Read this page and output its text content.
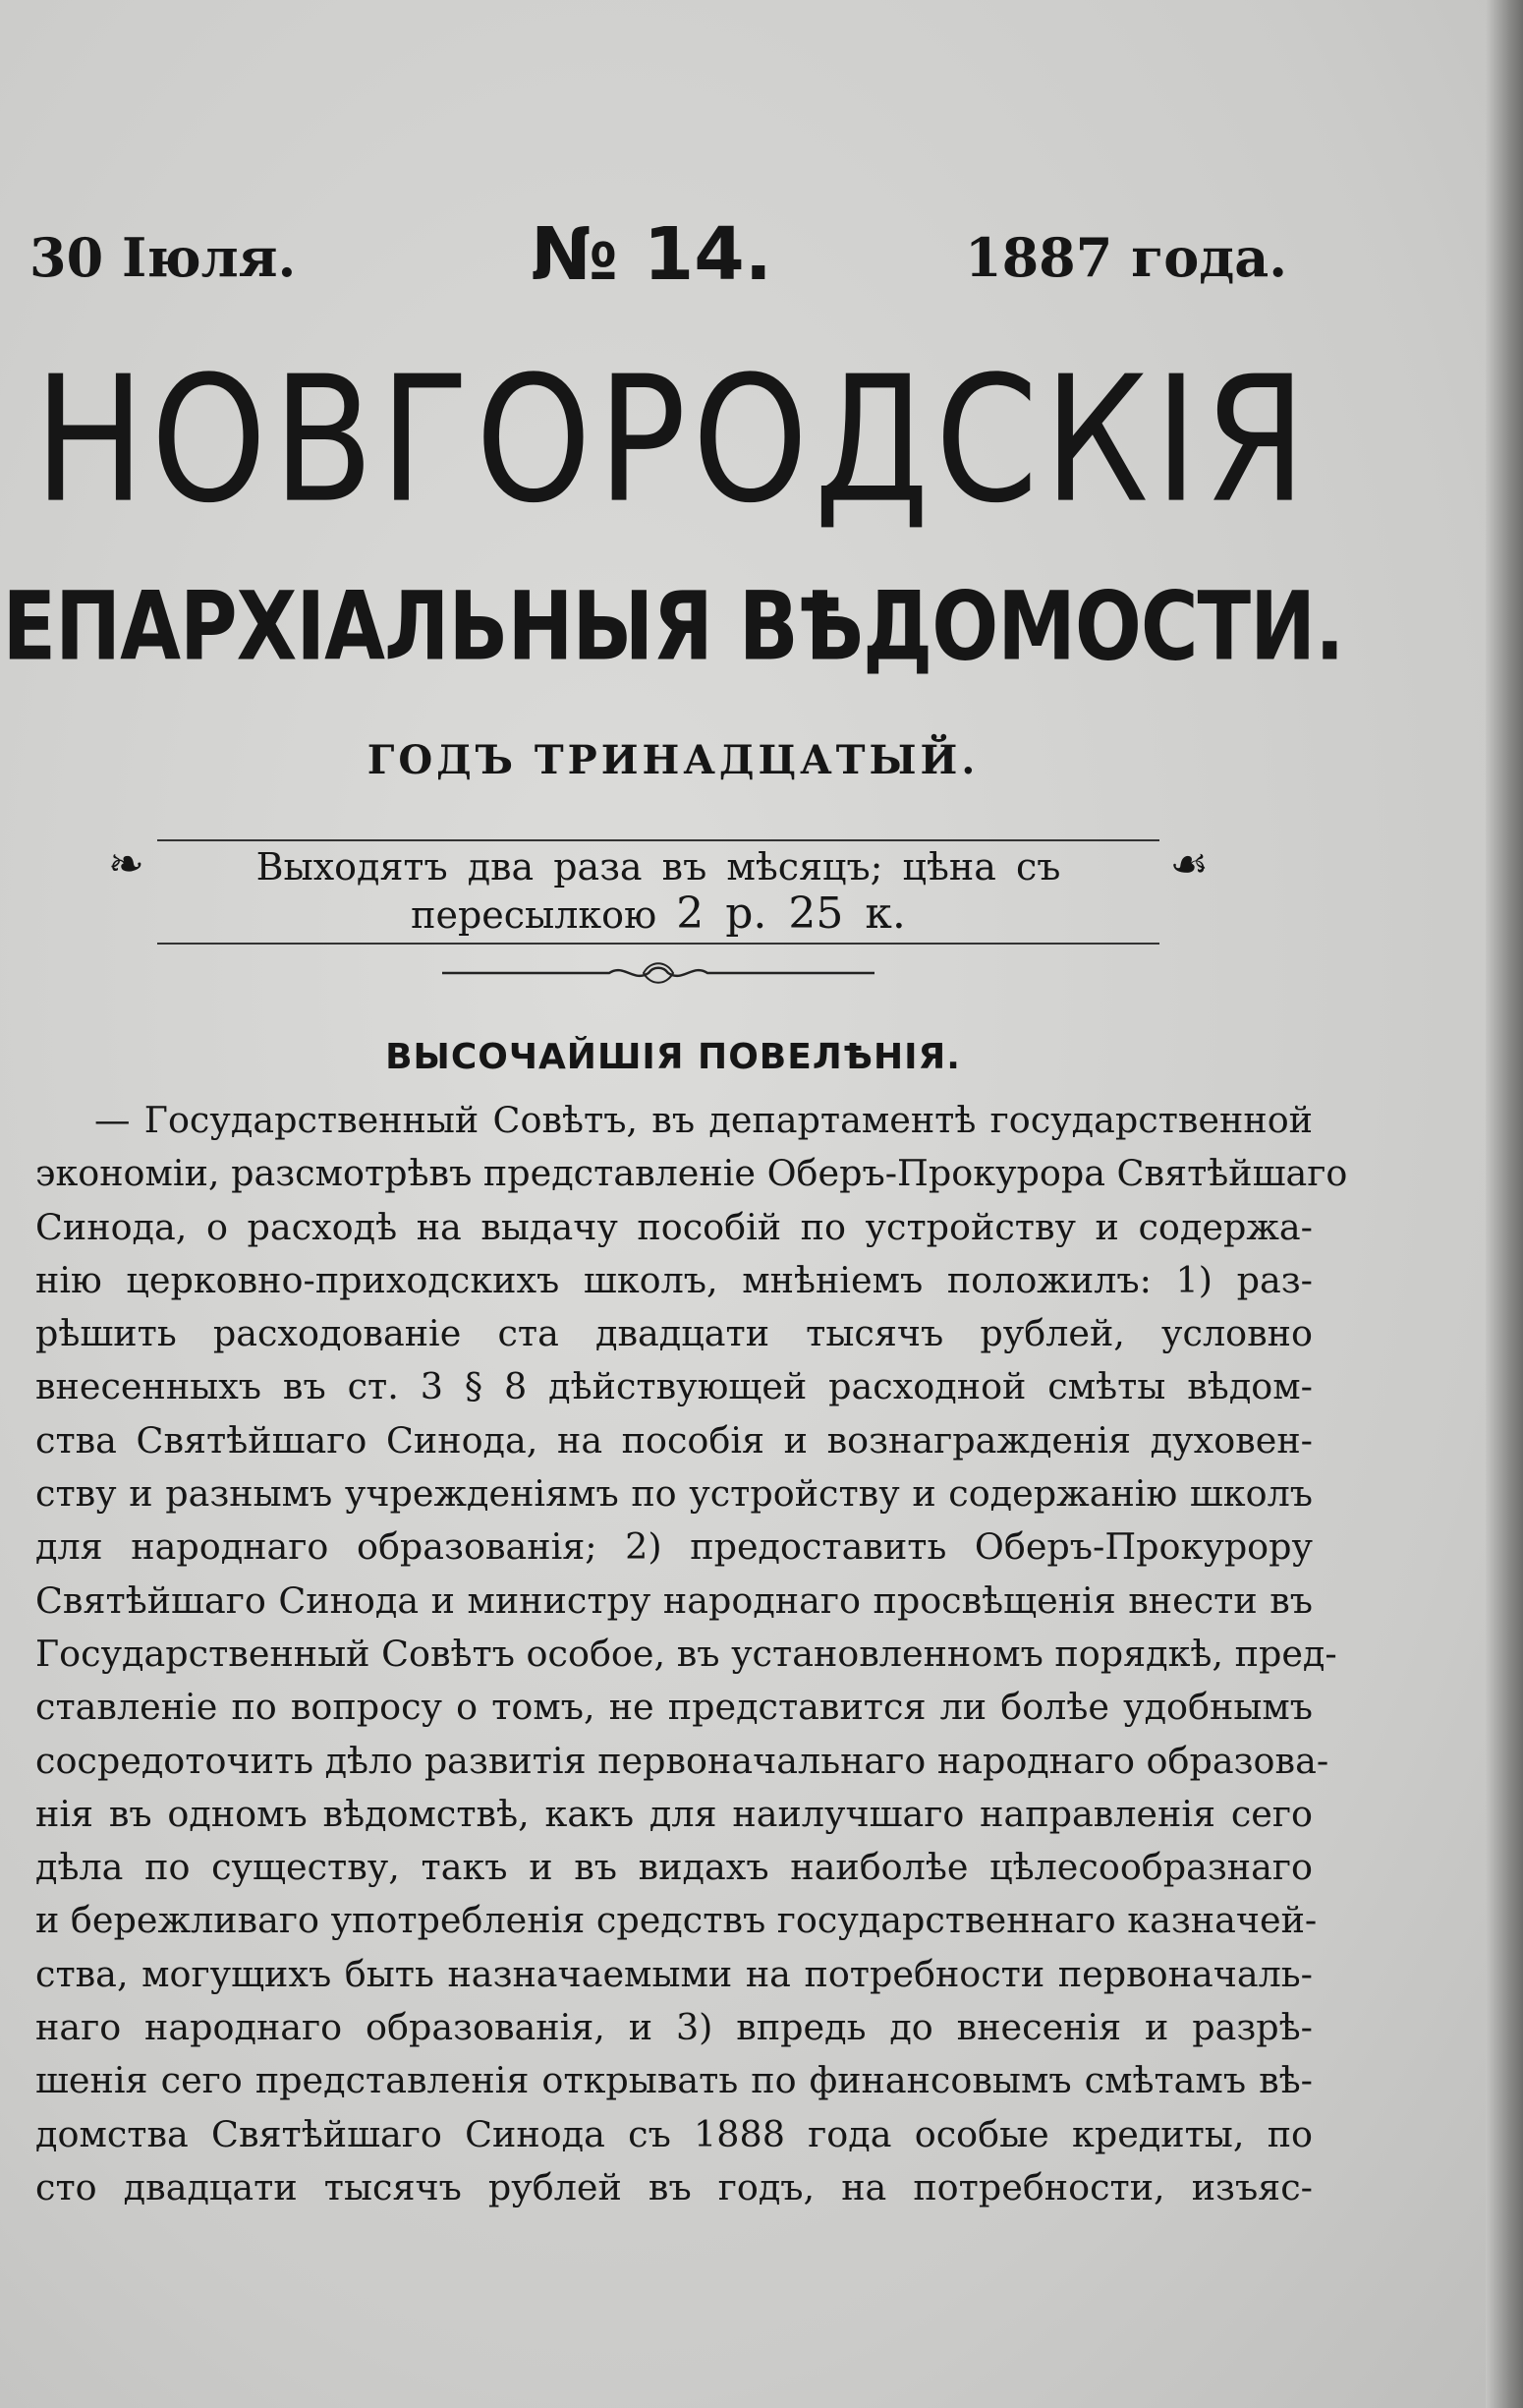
30 Іюля.	№ 14.	1887 года.
НОВГОРОДСКІЯ
ЕПАРХІАЛЬНЫЯ ВѢДОМОСТИ.
ГОДЪ ТРИНАДЦАТЫЙ.
❧	Выходятъ два раза въ мѣсяцъ; цѣна съ пересылкою 2 р. 25 к.
☙
ВЫСОЧАЙШІЯ ПОВЕЛѢНІЯ.
— Государственный Совѣтъ, въ департаментѣ государственной
экономіи, разсмотрѣвъ представленіе Оберъ-Прокурора Святѣйшаго
Синода, о расходѣ на выдачу пособій по устройству и содержа-
нію церковно-приходскихъ школъ, мнѣніемъ положилъ: 1) раз-
рѣшить расходованіе ста двадцати тысячъ рублей, условно
внесенныхъ въ ст. 3 § 8 дѣйствующей расходной смѣты вѣдом-
ства Святѣйшаго Синода, на пособія и вознагражденія духовен-
ству и разнымъ учрежденіямъ по устройству и содержанію школъ
для народнаго образованія; 2) предоставить Оберъ-Прокурору
Святѣйшаго Синода и министру народнаго просвѣщенія внести въ
Государственный Совѣтъ особое, въ установленномъ порядкѣ, пред-
ставленіе по вопросу о томъ, не представится ли болѣе удобнымъ
сосредоточить дѣло развитія первоначальнаго народнаго образова-
нія въ одномъ вѣдомствѣ, какъ для наилучшаго направленія сего
дѣла по существу, такъ и въ видахъ наиболѣе цѣлесообразнаго
и бережливаго употребленія средствъ государственнаго казначей-
ства, могущихъ быть назначаемыми на потребности первоначаль-
наго народнаго образованія, и 3) впредь до внесенія и разрѣ-
шенія сего представленія открывать по финансовымъ смѣтамъ вѣ-
домства Святѣйшаго Синода съ 1888 года особые кредиты, по
сто двадцати тысячъ рублей въ годъ, на потребности, изъяс-
